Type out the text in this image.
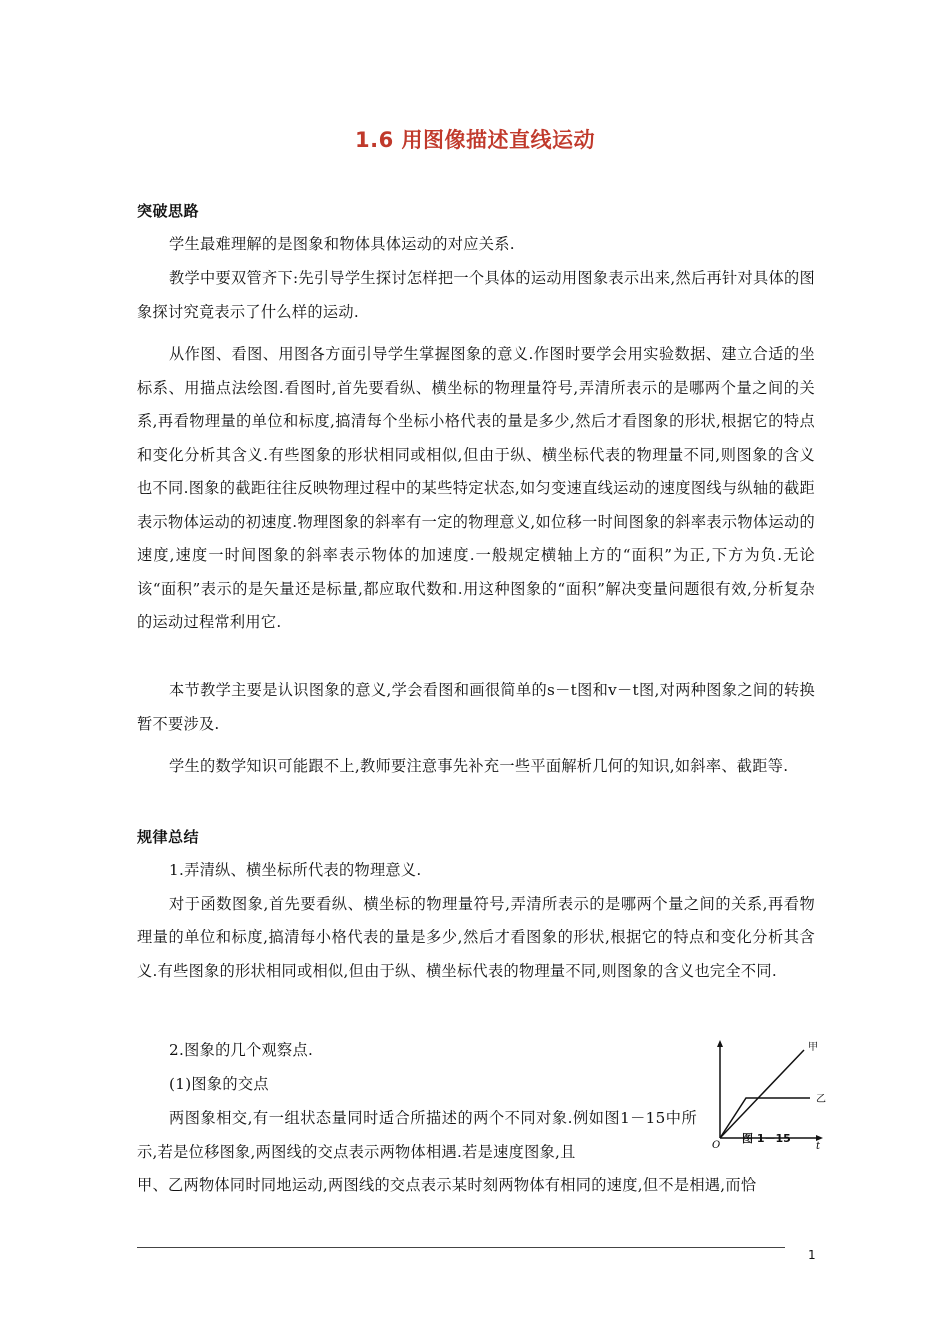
1.6 用图像描述直线运动
突破思路
学生最难理解的是图象和物体具体运动的对应关系.
教学中要双管齐下:先引导学生探讨怎样把一个具体的运动用图象表示出来,然后再针对具体的图象探讨究竟表示了什么样的运动.
从作图、看图、用图各方面引导学生掌握图象的意义.作图时要学会用实验数据、建立合适的坐标系、用描点法绘图.看图时,首先要看纵、横坐标的物理量符号,弄清所表示的是哪两个量之间的关系,再看物理量的单位和标度,搞清每个坐标小格代表的量是多少,然后才看图象的形状,根据它的特点和变化分析其含义.有些图象的形状相同或相似,但由于纵、横坐标代表的物理量不同,则图象的含义也不同.图象的截距往往反映物理过程中的某些特定状态,如匀变速直线运动的速度图线与纵轴的截距表示物体运动的初速度.物理图象的斜率有一定的物理意义,如位移一时间图象的斜率表示物体运动的速度,速度一时间图象的斜率表示物体的加速度.一般规定横轴上方的“面积”为正,下方为负.无论该“面积”表示的是矢量还是标量,都应取代数和.用这种图象的“面积”解决变量问题很有效,分析复杂的运动过程常利用它.
本节教学主要是认识图象的意义,学会看图和画很简单的s－t图和v－t图,对两种图象之间的转换暂不要涉及.
学生的数学知识可能跟不上,教师要注意事先补充一些平面解析几何的知识,如斜率、截距等.
规律总结
1.弄清纵、横坐标所代表的物理意义.
对于函数图象,首先要看纵、横坐标的物理量符号,弄清所表示的是哪两个量之间的关系,再看物理量的单位和标度,搞清每小格代表的量是多少,然后才看图象的形状,根据它的特点和变化分析其含义.有些图象的形状相同或相似,但由于纵、横坐标代表的物理量不同,则图象的含义也完全不同.
2.图象的几个观察点.
(1)图象的交点
两图象相交,有一组状态量同时适合所描述的两个不同对象.例如图1－15中所示,若是位移图象,两图线的交点表示两物体相遇.若是速度图象,且
甲、乙两物体同时同地运动,两图线的交点表示某时刻两物体有相同的速度,但不是相遇,而恰
甲
乙
O	t
图 1－15
1
